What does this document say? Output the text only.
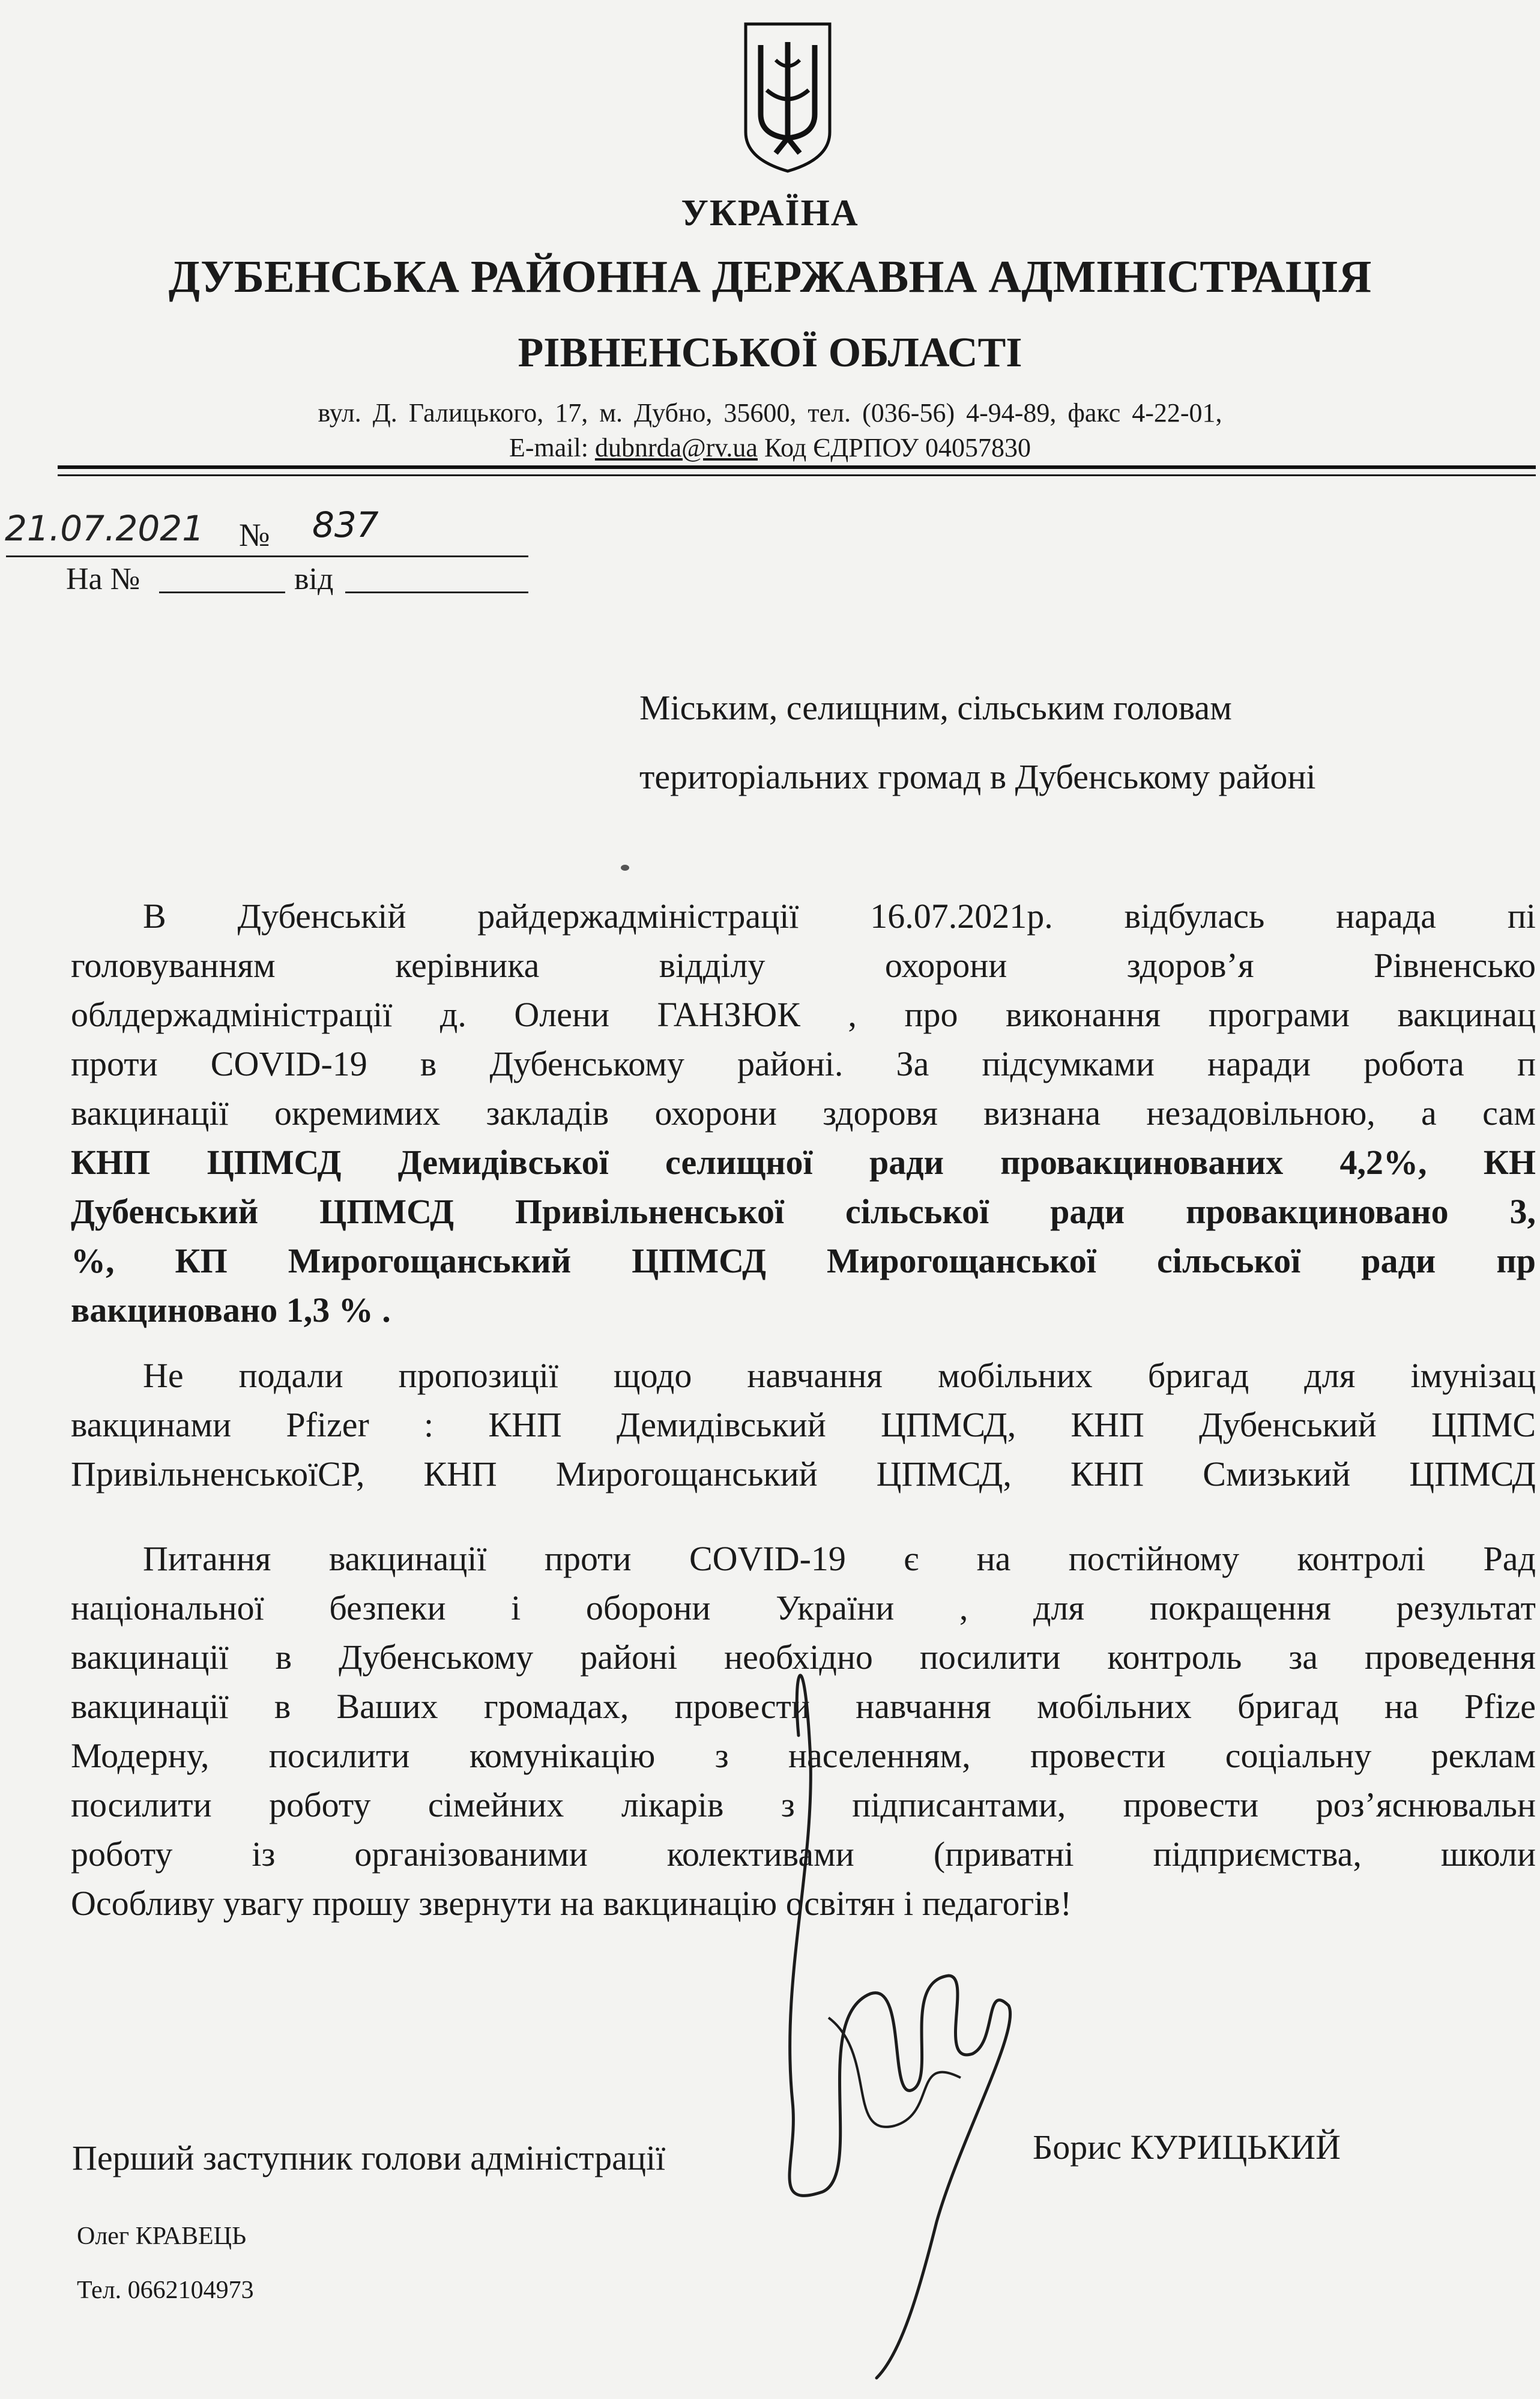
УКРАЇНА
ДУБЕНСЬКА РАЙОННА ДЕРЖАВНА АДМІНІСТРАЦІЯ
РІВНЕНСЬКОЇ ОБЛАСТІ
вул. Д. Галицького, 17, м. Дубно, 35600, тел. (036-56) 4-94-89, факс 4-22-01,
E-mail: dubnrda@rv.ua Код ЄДРПОУ 04057830
21.07.2021 № 837
На №	від
Міським, селищним, сільським головам
територіальних громад в Дубенському районі
В Дубенській райдержадміністрації 16.07.2021р. відбулась нарада пі
головуванням керівника відділу охорони здоров’я Рівненсько
облдержадміністрації д. Олени ГАНЗЮК , про виконання програми вакцинац
проти COVID-19 в Дубенському районі. За підсумками наради робота п
вакцинації окремимих закладів охорони здоровя визнана незадовільною, а сам
КНП ЦПМСД Демидівської селищної ради провакцинованих 4,2%, КН
Дубенський ЦПМСД Привільненської сільської ради провакциновано 3,
%, КП Мирогощанський ЦПМСД Мирогощанської сільської ради пр
вакциновано 1,3 % .
Не подали пропозиції щодо навчання мобільних бригад для імунізац
вакцинами Pfizer : КНП Демидівський ЦПМСД, КНП Дубенський ЦПМС
ПривільненськоїСР, КНП Мирогощанський ЦПМСД, КНП Смизький ЦПМСД
Питання вакцинації проти COVID-19 є на постійному контролі Рад
національної безпеки і оборони України , для покращення результат
вакцинації в Дубенському районі необхідно посилити контроль за проведення
вакцинації в Ваших громадах, провести навчання мобільних бригад на Pfize
Модерну, посилити комунікацію з населенням, провести соціальну реклам
посилити роботу сімейних лікарів з підписантами, провести роз’яснювальн
роботу із організованими колективами (приватні підприємства, школи
Особливу увагу прошу звернути на вакцинацію освітян і педагогів!
Перший заступник голови адміністрації	Борис КУРИЦЬКИЙ
Олег КРАВЕЦЬ
Тел. 0662104973
